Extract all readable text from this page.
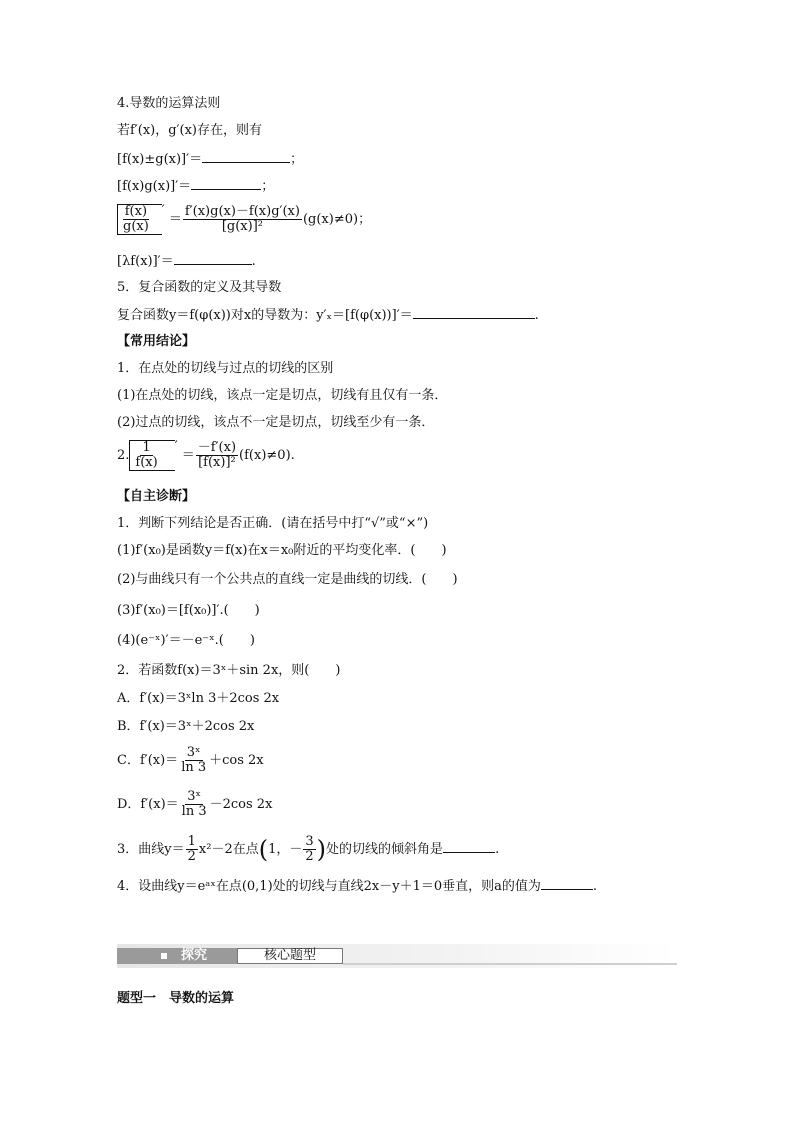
4.导数的运算法则
若f′(x)，g′(x)存在，则有
[f(x)±g(x)]′＝	；
[f(x)g(x)]′＝	；
$\frac{f(x)}{g(x)}$ ′ ＝ $\frac{f'(x)g(x)-f(x)g'(x)}{\text{[g(x)]²}} (g(x)\ne 0)$；
[λf(x)]′＝	.
5．复合函数的定义及其导数
复合函数y＝f(φ(x))对x的导数为：y′ₓ＝[f(φ(x))]′＝	.
【常用结论】
1．在点处的切线与过点的切线的区别
(1)在点处的切线，该点一定是切点，切线有且仅有一条．
(2)过点的切线，该点不一定是切点，切线至少有一条．
2. $\frac{1}{f(x)}$ ′ ＝ $\frac{-f'(x)}{\text{[f(x)]²}} (f(x)\ne 0)$.
【自主诊断】
1．判断下列结论是否正确．(请在括号中打“√”或“×”)
(1)f′(x₀)是函数y＝f(x)在x＝x₀附近的平均变化率．(　　)
(2)与曲线只有一个公共点的直线一定是曲线的切线．(　　)
(3)f′(x₀)＝[f(x₀)]′.(　　)
(4)(e⁻ˣ)′＝－e⁻ˣ.(　　)
2．若函数f(x)＝3ˣ＋sin 2x，则(　　)
A．f′(x)＝3ˣln 3＋2cos 2x
B．f′(x)＝3ˣ＋2cos 2x
C．$f'(x)= \frac{\text{3ˣ}}{\ln 3} +\cos$ 2x
D．$f'(x)= \frac{\text{3ˣ}}{\ln 3} -2\cos$ 2x
3．曲线$y= \frac{1}{2} x^2-2$在点(1，－ $\frac{3}{2}$ )处的切线的倾斜角是	.
4．设曲线y＝eᵃˣ在点(0,1)处的切线与直线2x－y＋1＝0垂直，则a的值为	.
探究	核心题型
题型一　导数的运算
